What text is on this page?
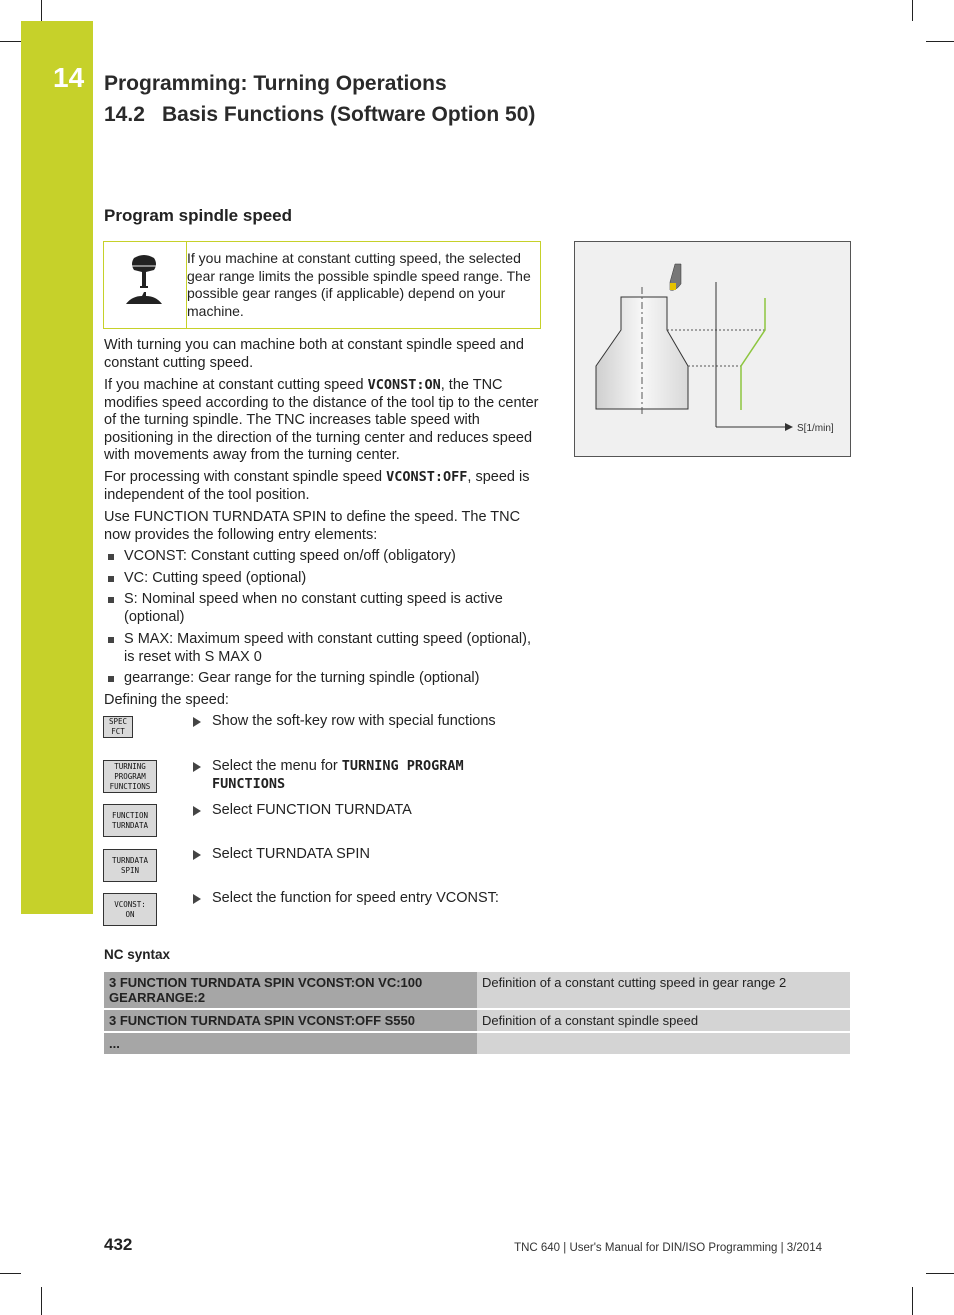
14 Programming: Turning Operations
14.2 Basis Functions (Software Option 50)
Program spindle speed
If you machine at constant cutting speed, the selected gear range limits the possible spindle speed range. The possible gear ranges (if applicable) depend on your machine.
S[1/min]
With turning you can machine both at constant spindle speed and constant cutting speed.
If you machine at constant cutting speed VCONST:ON, the TNC modifies speed according to the distance of the tool tip to the center of the turning spindle. The TNC increases table speed with positioning in the direction of the turning center and reduces speed with movements away from the turning center.
For processing with constant spindle speed VCONST:OFF, speed is independent of the tool position.
Use FUNCTION TURNDATA SPIN to define the speed. The TNC now provides the following entry elements:
VCONST: Constant cutting speed on/off (obligatory)
VC: Cutting speed (optional)
S: Nominal speed when no constant cutting speed is active (optional)
S MAX: Maximum speed with constant cutting speed (optional), is reset with S MAX 0
gearrange: Gear range for the turning spindle (optional)
Defining the speed:
SPEC
FCT
Show the soft-key row with special functions
TURNING
PROGRAM
FUNCTIONS
Select the menu for TURNING PROGRAM FUNCTIONS
FUNCTION
TURNDATA
Select FUNCTION TURNDATA
TURNDATA
SPIN
Select TURNDATA SPIN
VCONST:
ON
Select the function for speed entry VCONST:
NC syntax
3 FUNCTION TURNDATA SPIN VCONST:ON VC:100 GEARRANGE:2	Definition of a constant cutting speed in gear range 2
3 FUNCTION TURNDATA SPIN VCONST:OFF S550	Definition of a constant spindle speed
...	
432	TNC 640 | User's Manual for DIN/ISO Programming | 3/2014
